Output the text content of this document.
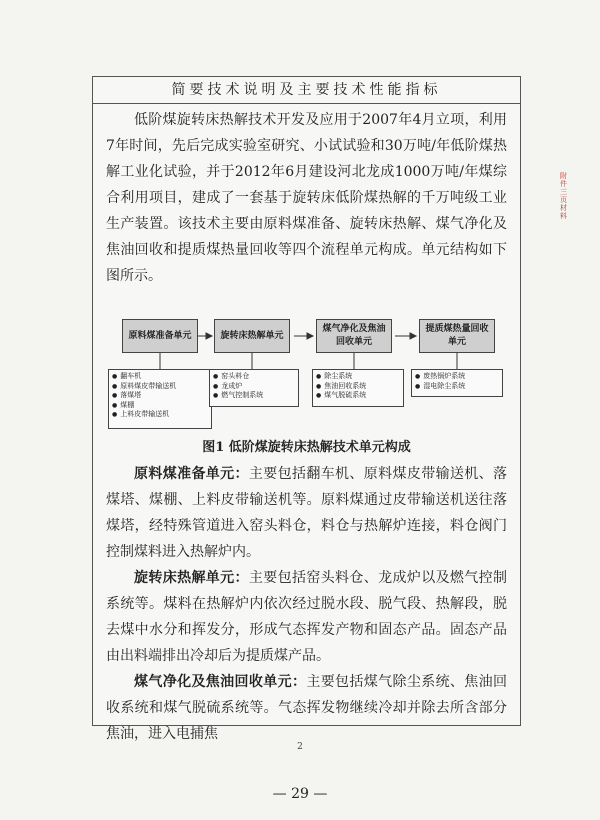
附件三页材料
简要技术说明及主要技术性能指标

低阶煤旋转床热解技术开发及应用于2007年4月立项，利用7年时间，先后完成实验室研究、小试试验和30万吨/年低阶煤热解工业化试验，并于2012年6月建设河北龙成1000万吨/年煤综合利用项目，建成了一套基于旋转床低阶煤热解的千万吨级工业生产装置。该技术主要由原料煤准备、旋转床热解、煤气净化及焦油回收和提质煤热量回收等四个流程单元构成。单元结构如下图所示。

原料煤准备单元	旋转床热解单元
煤气净化及焦油回收单元
提质煤热量回收单元
● 翻车机
● 原料煤皮带输送机
● 落煤塔
● 煤棚
● 上料皮带输送机
● 窑头料仓
● 龙成炉
● 燃气控制系统
● 除尘系统
● 焦油回收系统
● 煤气脱硫系统
● 废热锅炉系统
● 湿电除尘系统
图1 低阶煤旋转床热解技术单元构成

原料煤准备单元：主要包括翻车机、原料煤皮带输送机、落煤塔、煤棚、上料皮带输送机等。原料煤通过皮带输送机送往落煤塔，经特殊管道进入窑头料仓，料仓与热解炉连接，料仓阀门控制煤料进入热解炉内。

旋转床热解单元：主要包括窑头料仓、龙成炉以及燃气控制系统等。煤料在热解炉内依次经过脱水段、脱气段、热解段，脱去煤中水分和挥发分，形成气态挥发产物和固态产品。固态产品由出料端排出冷却后为提质煤产品。

煤气净化及焦油回收单元：主要包括煤气除尘系统、焦油回收系统和煤气脱硫系统等。气态挥发物继续冷却并除去所含部分焦油，进入电捕焦

2
— 29 —
